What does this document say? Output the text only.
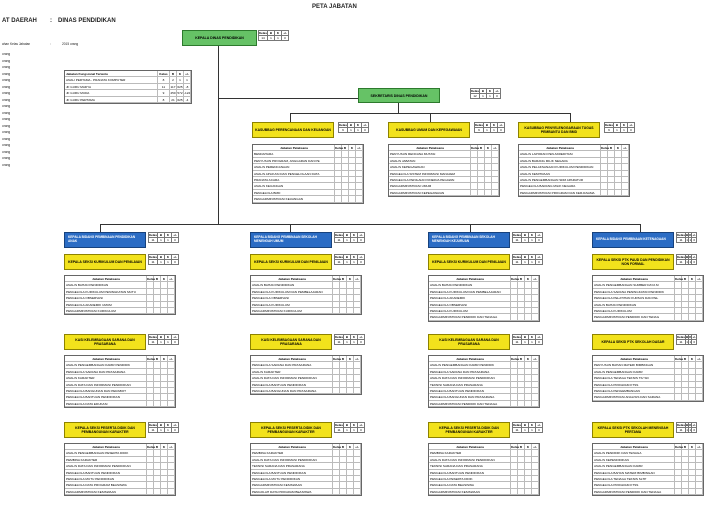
PETA JABATAN
AT DAERAH : DINAS PENDIDIKAN
ahan Kelas Jabatan	:	2015 orang
orang
orang
orang
orang
orang
orang
orang
orang
orang
orang
orang
orang
orang
orang
orang
orang
orang
orang
KEPALA DINAS PENDIDIKAN
Kelas	B	K	+/-
14	1	1	0
Jabatan Fungsional Tertentu	Kelas	B	K	+/-
ANALI PERTAMA - PRANATA KOMPUTER	8	2	1	1
JF GURU MADYA	11	117 625 -8
JF GURU MUDA	9	450 572 -122
JF GURU PERTAMA	8	21 625 -4
SEKRETARIS DINAS PENDIDIKAN
Kelas	B	K	+/-
12	1	1	0
KASUBBAG PERENCANAAN DAN KEUANGAN
Kelas	B	K	+/-
9	1	1	0
Jabatan Pelaksana	Kelas B	K	+/-
BENDAHARA
PENYUSUN PROGRAM, ANGGARAN DAN PE
ANALIS PERENCANAAN
ANALIS APLIKASI DAN PENGELOLAAN DATA
PRANATA ACARA
ANALIS KEUANGAN
PENGELOLA BMD
PENGADMINISTRASI KEUANGAN
KASUBBAG UMUM DAN KEPEGAWAIAN
Kelas	B	K	+/-
9	1	1	0
Jabatan Pelaksana	Kelas B	K	+/-
PENYUSUN RENCANA MUTASI
ANALIS JABATAN
ANALIS KEPEGAWAIAN
PENGELOLA SISTEM INFORMASI MANAJEM
PENGELOLA PENILAIAN KINERJA PEGAWAI
PENGADMINISTRASI UMUM
PENGADMINISTRASI KEPEGAWAIAN
KASUBBAG PENYELENGGARAAN TUGAS PEMBANTU DAN BMD
Kelas	B	K	+/-
9	1	1	0
Jabatan Pelaksana	Kelas B	K	+/-
ANALIS LAPORAN PEN AKREDITASI
ANALIS BARANG MILIK NEGARA
ANALIS PELAKSANAAN KURIKULUM PENDIDIKAN
ANALIS KEMITRAAN
ANALIS PENGEMBANGAN SDM APARATUR
PENGELOLA BARANG MILIK NEGARA
PENGADMINISTRASI PROGRAM DAN KERJASAMA
KEPALA BIDANG PEMBINAAN PENDIDIKAN ANAK
Kelas	B	K	+/-
11	1	1	0
KEPALA SEKSI KURIKULUM DAN PENILAIAN
Kelas	B	K	+/-
11	1	1	0
Jabatan Pelaksana	Kelas B	K	+/-
ANALIS BAHAN PENDIDIKAN
PENGELOLA KURIKULUM PENINGKATAN MUTU
PENGELOLA OBSERVASI
PENGELOLA AKADEMIK UMUM
PENGADMINISTRASI KURIKULUM
KASI KELEMBAGAAN SARANA DAN PRASARANA
Kelas	B	K	+/-
11	1	1	0
Jabatan Pelaksana	Kelas B	K	+/-
ANALIS PENGEMBANGAN KARIR PENDIDIK
PENGELOLA SARANA DAN PRASARANA
ANALIS KARAKTER
ANALIS DATA DAN INFORMASI PENDIDIKAN
PENGELOLA BANGUNAN DAN PERABOT
PENGELOLA BANTUAN PENDIDIKAN
PENGELOLA DATA EDUKASI
KEPALA SEKSI PESERTA DIDIK DAN PEMBANGUNAN KARAKTER
Kelas	B	K	+/-
11	1	1	0
Jabatan Pelaksana	Kelas B	K	+/-
ANALIS PENGEMBANGAN PESERTA DIDIK
PEMBINA KARAKTER
ANALIS DATA DAN INFORMASI PENDIDIKAN
PENGELOLA BANTUAN PENDIDIKAN
PENGELOLA MUTU PENDIDIKAN
PENGELOLA DATA PROGRAM BEASISWA
PENGADMINISTRASI KESISWAAN
KEPALA BIDANG PEMBINAAN SEKOLAH MENENGAH UMUM
Kelas	B	K	+/-
11	1	1	0
KEPALA SEKSI KURIKULUM DAN PENILAIAN
Kelas	B	K	+/-
11	1	1	0
Jabatan Pelaksana	Kelas B	K	+/-
ANALIS BAHAN PENDIDIKAN
PENGELOLA KURIKULUM DAN PEMBELAJARAN
PENGELOLA OBSERVASI
PENGELOLA KURIKULUM
PENGADMINISTRASI KURIKULUM
KASI KELEMBAGAAN SARANA DAN PRASARANA
Kelas	B	K	+/-
11	1	1	0
Jabatan Pelaksana	Kelas B	K	+/-
PENGELOLA SARANA DAN PRASARANA
ANALIS KARAKTER
ANALIS DATA DAN INFORMASI PENDIDIKAN
PENGELOLA BANTUAN PENDIDIKAN
PENGELOLA BANGUNAN DAN PRASARANA
KEPALA SEKSI PESERTA DIDIK DAN PEMBANGUNAN KARAKTER
Kelas	B	K	+/-
11	1	1	0
Jabatan Pelaksana	Kelas B	K	+/-
PEMBINA KARAKTER
ANALIS DATA DAN INFORMASI PENDIDIKAN
TEKNISI SARANA DAN PRASARANA
PENGELOLA BANTUAN PENDIDIKAN
PENGELOLA MUTU PENDIDIKAN
PENGADMINISTRASI KESISWAAN
PENGOLAH DATA PROGRAM BEASISWA
KEPALA BIDANG PEMBINAAN SEKOLAH MENENGAH KEJURUAN
Kelas	B	K	+/-
11	1	1	0
KEPALA SEKSI KURIKULUM DAN PENILAIAN
Kelas	B	K	+/-
11	1	1	0
Jabatan Pelaksana	Kelas B	K	+/-
ANALIS BAHAN PENDIDIKAN
PENGELOLA KURIKULUM DAN PEMBELAJARAN
PENGELOLA AKADEMIK
PENGELOLA OBSERVASI
PENGELOLA KURIKULUM
PENGADMINISTRASI PENDIDIK DAN TENAGA
KASI KELEMBAGAAN SARANA DAN PRASARANA
Kelas	B	K	+/-
11	1	1	0
Jabatan Pelaksana	Kelas B	K	+/-
ANALIS PENGEMBANGAN KARIR PENDIDIK
PENGELOLA SARANA DAN PRASARANA
ANALIS DATA DAN INFORMASI PENDIDIKAN
TEKNISI SARANA DAN PRASARANA
PENGELOLA BANTUAN PENDIDIKAN
PENGELOLA BANGUNAN DAN PRASARANA
PENGADMINISTRASI PENDIDIK DAN TENAGA
KEPALA SEKSI PESERTA DIDIK DAN PEMBANGUNAN KARAKTER
Kelas	B	K	+/-
11	1	1	0
Jabatan Pelaksana	Kelas B	K	+/-
PEMBINA KARAKTER
ANALIS DATA DAN INFORMASI PENDIDIKAN
TEKNISI SARANA DAN PRASARANA
PENGELOLA BANTUAN PENDIDIKAN
PENGELOLA PESERTA DIDIK
PENGELOLA DATA BEASISWA
PENGADMINISTRASI KESISWAAN
KEPALA BIDANG PEMBINAAN KETENAGAAN
Kelas	B	K	+/-
11	1	1	0
KEPALA SEKSI PTK PAUD DAN PENDIDIKAN NON FORMAL
Kelas	B	K	+/-
11	1	1	0
Jabatan Pelaksana	Kelas B	K	+/-
ANALIS PENGEMBANGAN SUMBER DAYA M
PENGELOLA SARANA PENINGKATAN PENDIDIK
PENGELOLA PELATIHAN KURSUS DAN PEL
ANALIS BAHAN PENDIDIKAN
PENGELOLA KURIKULUM
PENGADMINISTRASI PENDIDIK DAN TENAG
KEPALA SEKSI PTK SEKOLAH DASAR
Kelas	B	K	+/-
11	1	1	0
Jabatan Pelaksana	Kelas B	K	+/-
PENYUSUN BAHAN MATERI BIMBINGAN
ANALIS PENGEMBANGAN KARIR
PENGELOLA TENAGA TEKNIS TK/ SD
PENGELOLA PROGRAM KTSS
PENGELOLA PENGEMBANGAN
PENGADMINISTRASI ANALISIS DAN SARANA
KEPALA SEKSI PTK SEKOLAH MENENGAH PERTAMA
Kelas	B	K	+/-
11	1	1	0
Jabatan Pelaksana	Kelas B	K	+/-
ANALIS PENDIDIK DAN TENAGA
ANALIS KEPENDIDIKAN
ANALIS PENGEMBANGAN KARIR
PENGELOLA BAHAN MATERI BIMBINGAN
PENGELOLA TENAGA TEKNIS SLTP
PENGELOLA PROGRAM KTSS
PENGADMINISTRASI PENDIDIK DAN TENAGA
